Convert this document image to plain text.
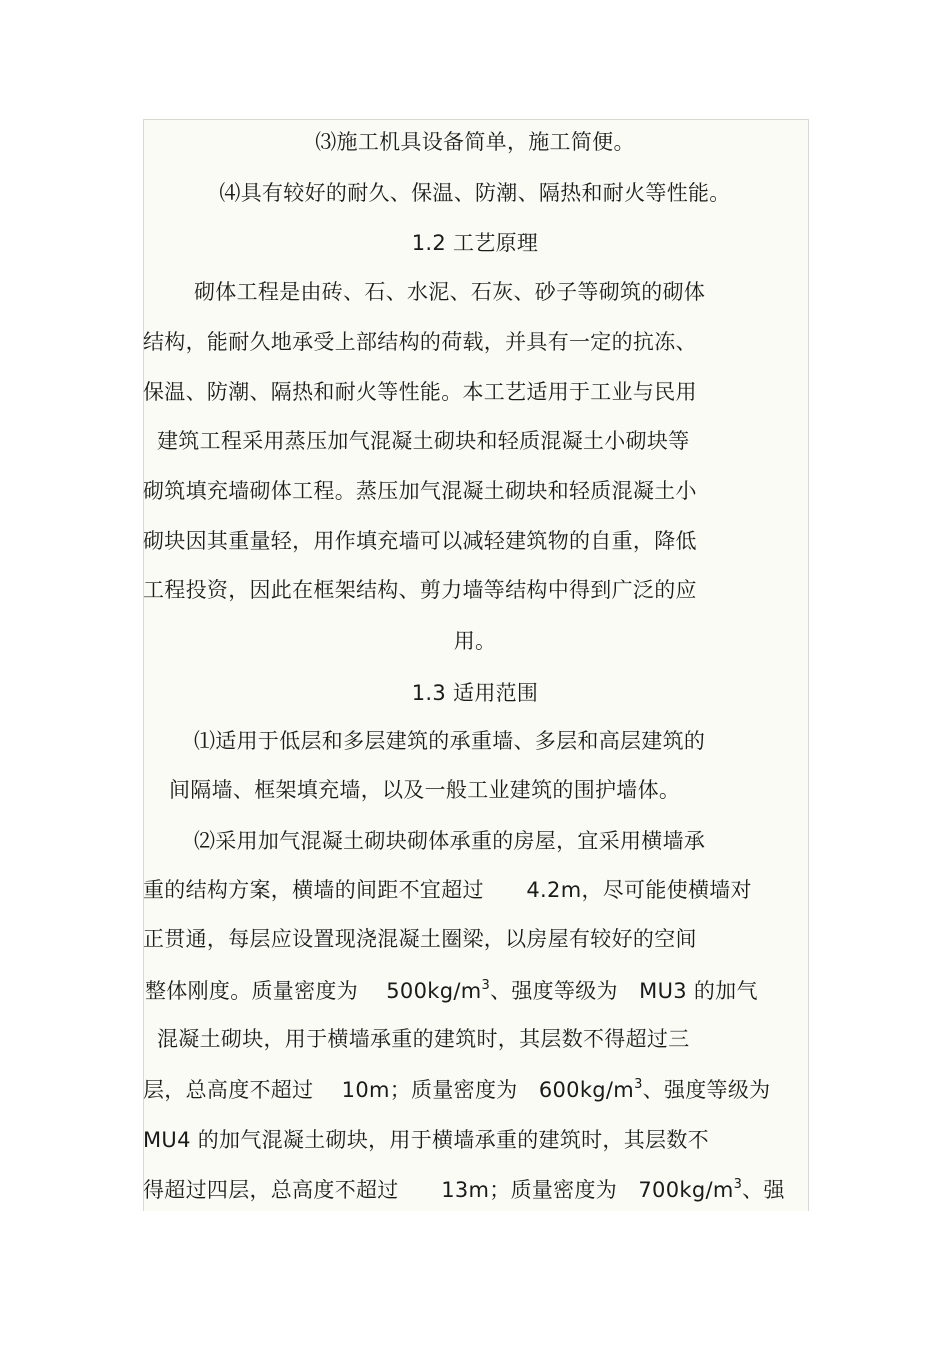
⑶施工机具设备简单，施工简便。
⑷具有较好的耐久、保温、防潮、隔热和耐火等性能。
1.2 工艺原理
砌体工程是由砖、石、水泥、石灰、砂子等砌筑的砌体
结构，能耐久地承受上部结构的荷载，并具有一定的抗冻、
保温、防潮、隔热和耐火等性能。本工艺适用于工业与民用
建筑工程采用蒸压加气混凝土砌块和轻质混凝土小砌块等
砌筑填充墙砌体工程。蒸压加气混凝土砌块和轻质混凝土小
砌块因其重量轻，用作填充墙可以减轻建筑物的自重，降低
工程投资，因此在框架结构、剪力墙等结构中得到广泛的应
用。
1.3 适用范围
⑴适用于低层和多层建筑的承重墙、多层和高层建筑的
间隔墙、框架填充墙，以及一般工业建筑的围护墙体。
⑵采用加气混凝土砌块砌体承重的房屋，宜采用横墙承
重的结构方案，横墙的间距不宜超过　　4.2m，尽可能使横墙对
正贯通，每层应设置现浇混凝土圈梁，以房屋有较好的空间
整体刚度。质量密度为　 $500kg/m^3$、强度等级为　MU3 的加气
混凝土砌块，用于横墙承重的建筑时，其层数不得超过三
层，总高度不超过　 10m；质量密度为　$600kg/m^3$、强度等级为
MU4 的加气混凝土砌块，用于横墙承重的建筑时，其层数不
得超过四层，总高度不超过　　13m；质量密度为　$700kg/m^3$、强
